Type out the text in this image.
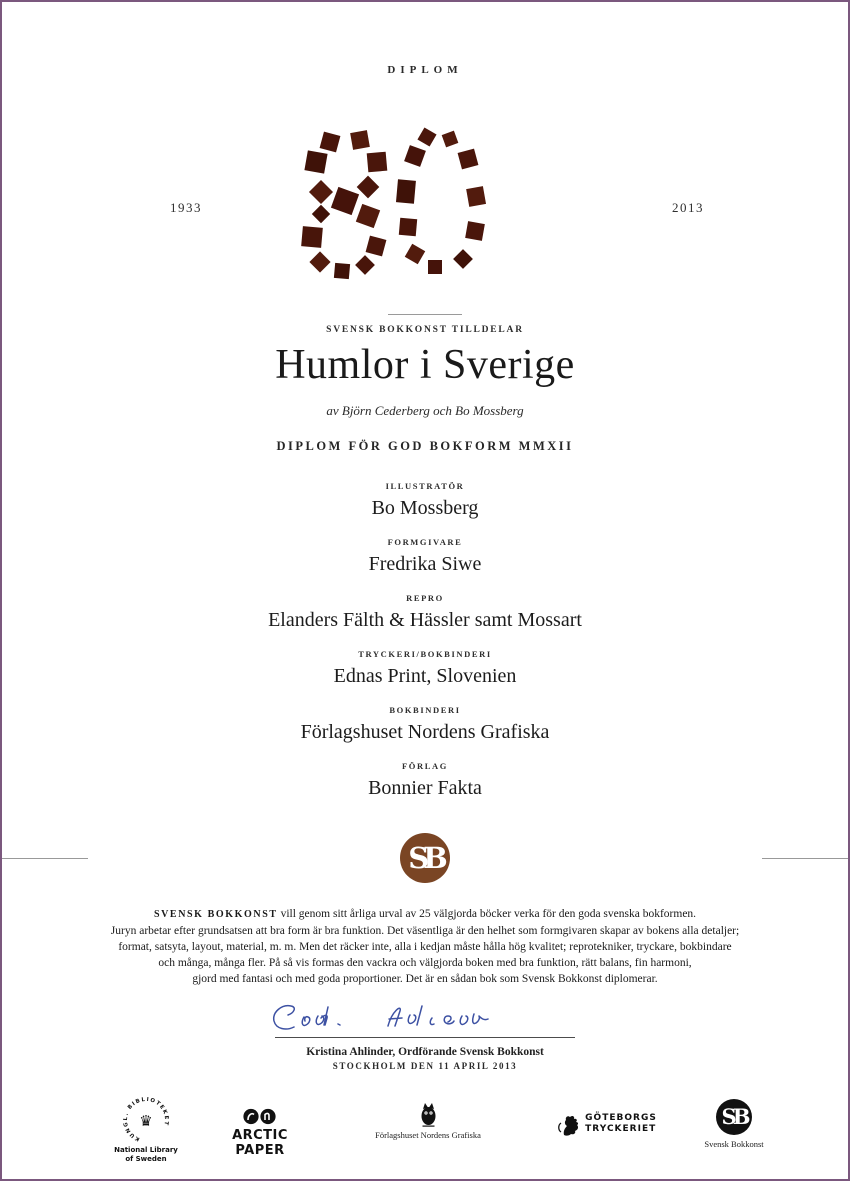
DIPLOM
1933	2013
SVENSK BOKKONST TILLDELAR
Humlor i Sverige
av Björn Cederberg och Bo Mossberg
DIPLOM FÖR GOD BOKFORM MMXII
ILLUSTRATÖR
Bo Mossberg
FORMGIVARE
Fredrika Siwe
REPRO
Elanders Fälth & Hässler samt Mossart
TRYCKERI/BOKBINDERI
Ednas Print, Slovenien
BOKBINDERI
Förlagshuset Nordens Grafiska
FÖRLAG
Bonnier Fakta
SB
SVENSK BOKKONST vill genom sitt årliga urval av 25 välgjorda böcker verka för den goda svenska bokformen.
Juryn arbetar efter grundsatsen att bra form är bra funktion. Det väsentliga är den helhet som formgivaren skapar av bokens alla detaljer;
format, satsyta, layout, material, m. m. Men det räcker inte, alla i kedjan måste hålla hög kvalitet; reprotekniker, tryckare, bokbindare
och många, många fler. På så vis formas den vackra och välgjorda boken med bra funktion, rätt balans, fin harmoni,
gjord med fantasi och med goda proportioner. Det är en sådan bok som Svensk Bokkonst diplomerar.
Kristina Ahlinder, Ordförande Svensk Bokkonst
STOCKHOLM DEN 11 APRIL 2013
KUNGL. BIBLIOTEKET
♛
National Library
of Sweden
ARCTIC PAPER
Förlagshuset Nordens Grafiska
GÖTEBORGS
TRYCKERIET	SB
Svensk Bokkonst
